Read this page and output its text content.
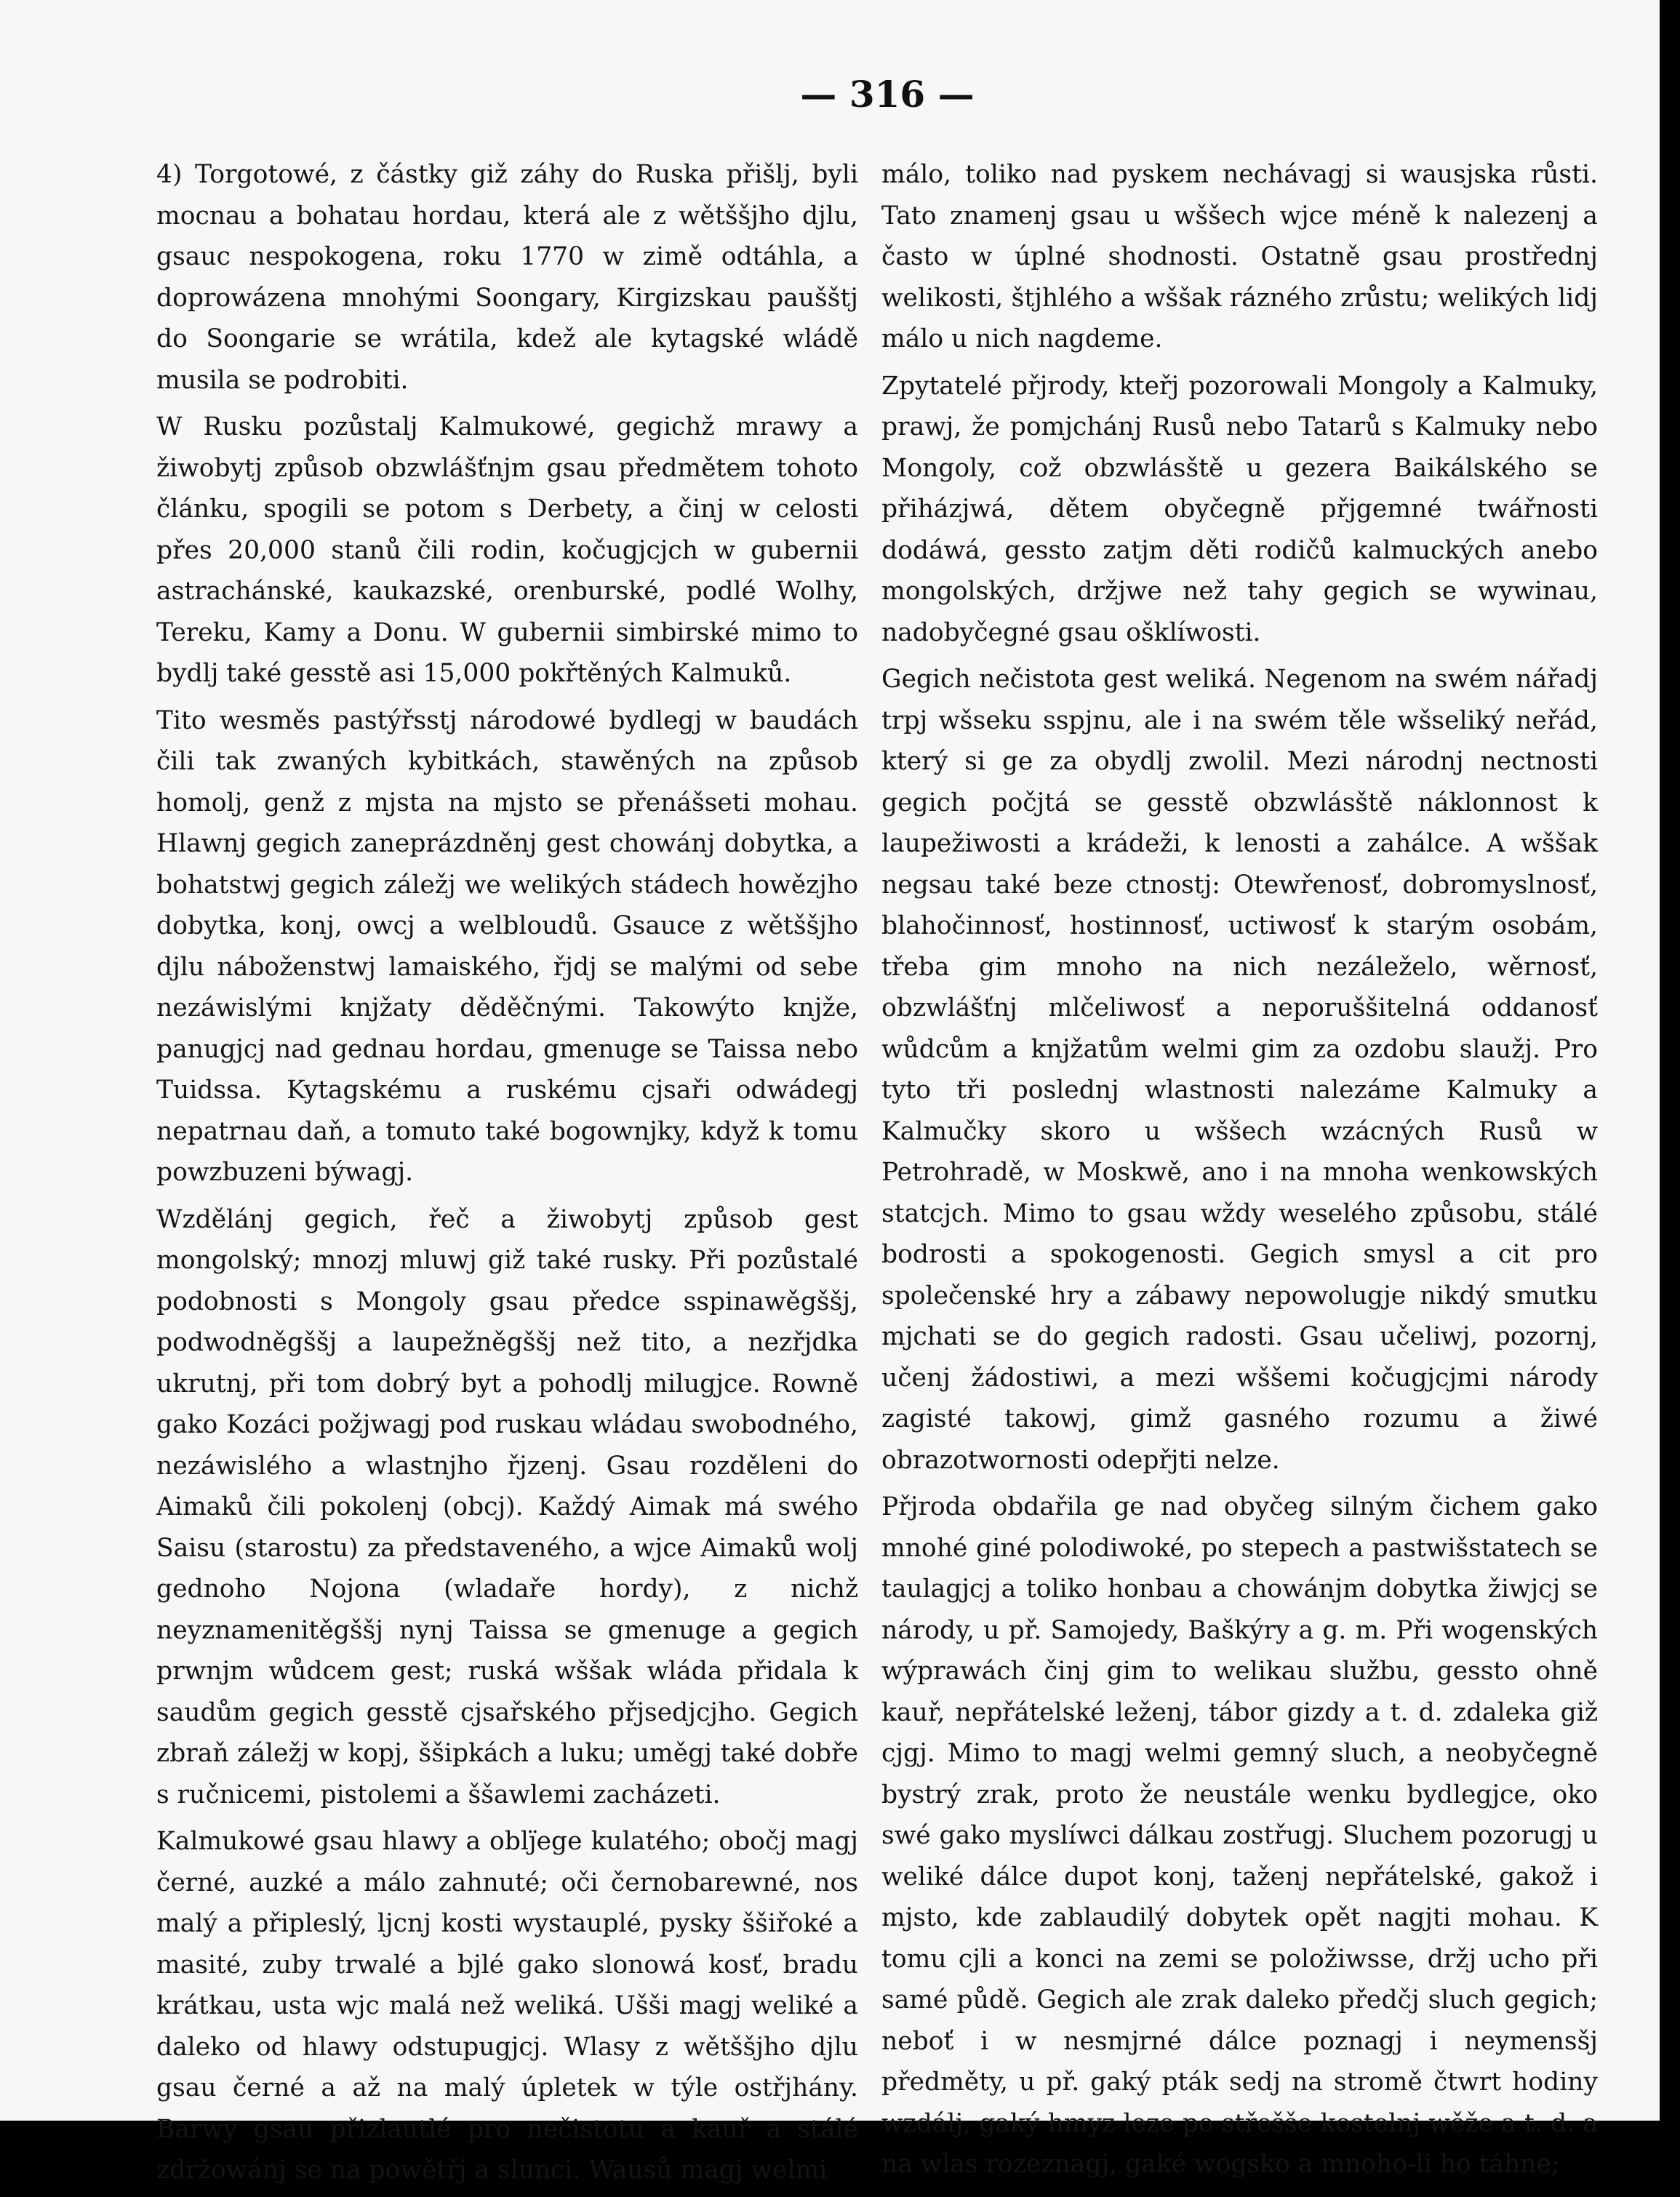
— 316 —

4) Torgotowé, z částky giž záhy do Ruska přišlj, byli mocnau a bohatau hordau, která ale z wětššjho djlu, gsauc nespokogena, roku 1770 w zimě odtáhla, a doprowázena mnohými Soongary, Kirgizskau paušštj do Soongarie se wrátila, kdež ale kytagské wládě musila se podrobiti.

W Rusku pozůstalj Kalmukowé, gegichž mrawy a žiwobytj způsob obzwlášťnjm gsau předmětem tohoto článku, spogili se potom s Derbety, a činj w celosti přes 20,000 stanů čili rodin, kočugjcjch w gubernii astrachánské, kaukazské, orenburské, podlé Wolhy, Tereku, Kamy a Donu. W gubernii simbirské mimo to bydlj také gesstě asi 15,000 pokřtěných Kalmuků.

Tito wesměs pastýřsstj národowé bydlegj w baudách čili tak zwaných kybitkách, stawěných na způsob homolj, genž z mjsta na mjsto se přenášseti mohau. Hlawnj gegich zaneprázdněnj gest chowánj dobytka, a bohatstwj gegich záležj we welikých stádech howězjho dobytka, konj, owcj a welbloudů. Gsauce z wětššjho djlu náboženstwj lamaiského, řjdj se malými od sebe nezáwislými knjžaty děděčnými. Takowýto knjže, panugjcj nad gednau hordau, gmenuge se Taissa nebo Tuidssa. Kytagskému a ruskému cjsaři odwádegj nepatrnau daň, a tomuto také bogownjky, když k tomu powzbuzeni býwagj.

Wzdělánj gegich, řeč a žiwobytj způsob gest mongolský; mnozj mluwj giž také rusky. Při pozůstalé podobnosti s Mongoly gsau předce sspinawěgššj, podwodněgššj a laupežněgššj než tito, a nezřjdka ukrutnj, při tom dobrý byt a pohodlj milugjce. Rowně gako Kozáci požjwagj pod ruskau wládau swobodného, nezáwislého a wlastnjho řjzenj. Gsau rozděleni do Aimaků čili pokolenj (obcj). Každý Aimak má swého Saisu (starostu) za představeného, a wjce Aimaků wolj gednoho Nojona (wladaře hordy), z nichž neyznamenitěgššj nynj Taissa se gmenuge a gegich prwnjm wůdcem gest; ruská wššak wláda přidala k saudům gegich gesstě cjsařského přjsedjcjho. Gegich zbraň záležj w kopj, ššipkách a luku; uměgj také dobře s ručnicemi, pistolemi a ššawlemi zacházeti.

Kalmukowé gsau hlawy a oblj̈ege kulatého; obočj magj černé, auzké a málo zahnuté; oči černobarewné, nos malý a připleslý, ljcnj kosti wystauplé, pysky ššiřoké a masité, zuby trwalé a bjlé gako slonowá kosť, bradu krátkau, usta wjc malá než weliká. Ušši magj weliké a daleko od hlawy odstupugjcj. Wlasy z wětššjho djlu gsau černé a až na malý úpletek w týle ostřjhány. Barwy gsau přizlautlé pro nečistotu a kauř a stálé zdržowánj se na powětřj a slunci. Wausů magj welmi

málo, toliko nad pyskem nechávagj si wausjska růsti. Tato znamenj gsau u wššech wjce méně k nalezenj a často w úplné shodnosti. Ostatně gsau prostřednj welikosti, štjhlého a wššak rázného zrůstu; welikých lidj málo u nich nagdeme.

Zpytatelé přjrody, kteřj pozorowali Mongoly a Kalmuky, prawj, že pomjchánj Rusů nebo Tatarů s Kalmuky nebo Mongoly, což obzwlásště u gezera Baikálského se přiházjwá, dětem obyčegně přjgemné twářnosti dodáwá, gessto zatjm děti rodičů kalmuckých anebo mongolských, držjwe než tahy gegich se wywinau, nadobyčegné gsau ošklíwosti.

Gegich nečistota gest weliká. Negenom na swém nářadj trpj wšseku sspjnu, ale i na swém těle wšseliký neřád, který si ge za obydlj zwolil. Mezi národnj nectnosti gegich počjtá se gesstě obzwlásště náklonnost k laupežiwosti a krádeži, k lenosti a zahálce. A wššak negsau také beze ctnostj: Otewřenosť, dobromyslnosť, blahočinnosť, hostinnosť, uctiwosť k starým osobám, třeba gim mnoho na nich nezáleželo, wěrnosť, obzwlášťnj mlčeliwosť a neporuššitelná oddanosť wůdcům a knjžatům welmi gim za ozdobu slaužj. Pro tyto tři poslednj wlastnosti nalezáme Kalmuky a Kalmučky skoro u wššech wzácných Rusů w Petrohradě, w Moskwě, ano i na mnoha wenkowských statcjch. Mimo to gsau wždy weselého způsobu, stálé bodrosti a spokogenosti. Gegich smysl a cit pro společenské hry a zábawy nepowolugje nikdý smutku mjchati se do gegich radosti. Gsau učeliwj, pozornj, učenj žádostiwi, a mezi wššemi kočugjcjmi národy zagisté takowj, gimž gasného rozumu a žiwé obrazotwornosti odepřjti nelze.

Přjroda obdařila ge nad obyčeg silným čichem gako mnohé giné polodiwoké, po stepech a pastwišstatech se taulagjcj a toliko honbau a chowánjm dobytka žiwjcj se národy, u př. Samojedy, Baškýry a g. m. Při wogenských wýprawách činj gim to welikau službu, gessto ohně kauř, nepřátelské leženj, tábor gizdy a t. d. zdaleka giž cjgj. Mimo to magj welmi gemný sluch, a neobyčegně bystrý zrak, proto že neustále wenku bydlegjce, oko swé gako myslíwci dálkau zostřugj. Sluchem pozorugj u weliké dálce dupot konj, taženj nepřátelské, gakož i mjsto, kde zablaudilý dobytek opět nagjti mohau. K tomu cjli a konci na zemi se položiwsse, držj ucho při samé půdě. Gegich ale zrak daleko předčj sluch gegich; neboť i w nesmjrné dálce poznagj i neymensšj předměty, u př. gaký pták sedj na stromě čtwrt hodiny wzdálj, gaký hmyz leze po střešše kostelnj wěže a t. d. a na wlas rozeznagj, gaké wogsko a mnoho-li ho táhne;
